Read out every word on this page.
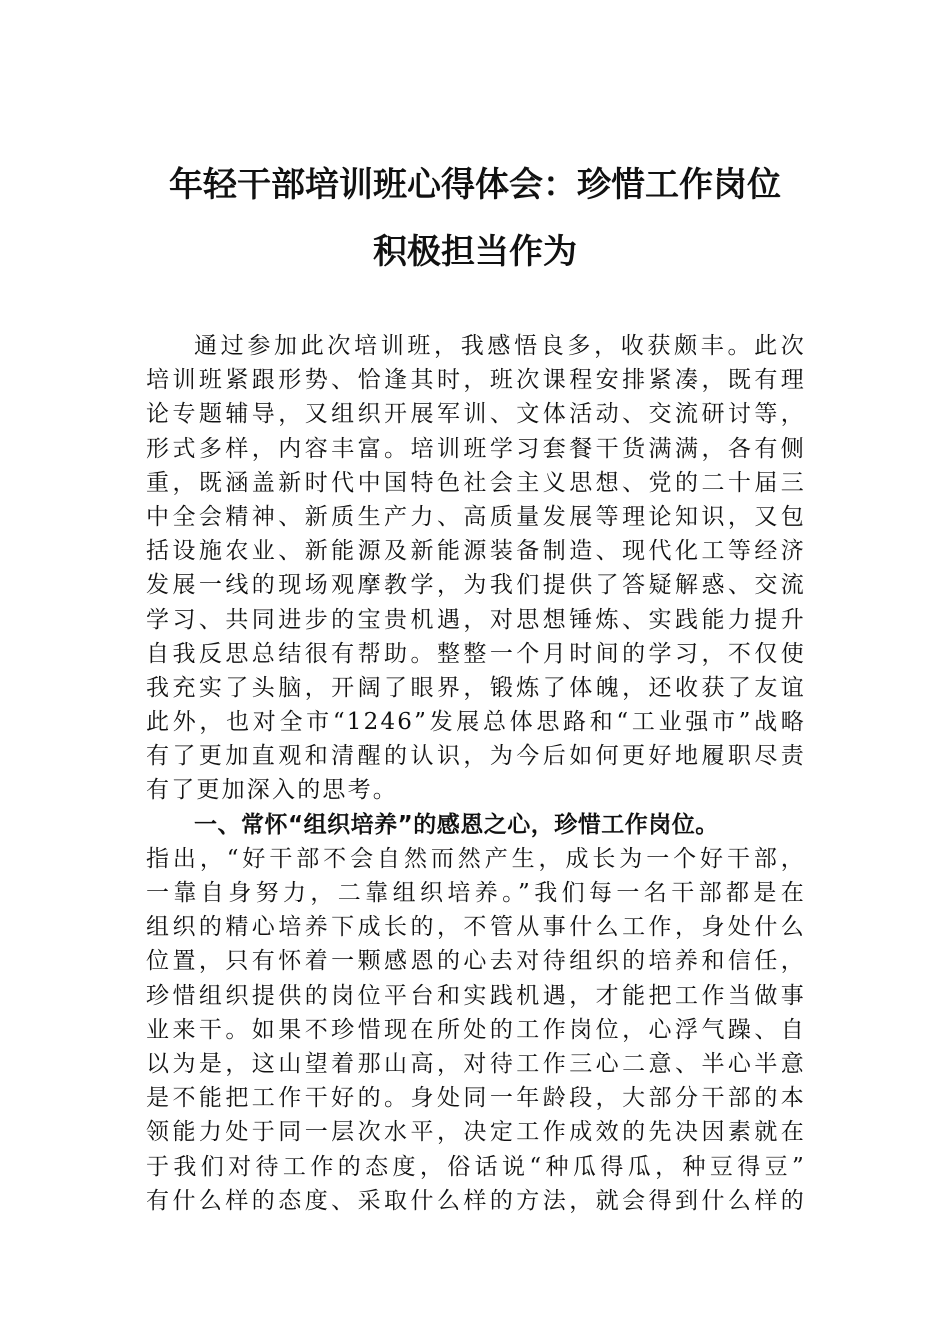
年轻干部培训班心得体会：珍惜工作岗位
积极担当作为
通过参加此次培训班，我感悟良多，收获颇丰。此次
培训班紧跟形势、恰逢其时，班次课程安排紧凑，既有理
论专题辅导，又组织开展军训、文体活动、交流研讨等，
形式多样，内容丰富。培训班学习套餐干货满满，各有侧
重，既涵盖新时代中国特色社会主义思想、党的二十届三
中全会精神、新质生产力、高质量发展等理论知识，又包
括设施农业、新能源及新能源装备制造、现代化工等经济
发展一线的现场观摩教学，为我们提供了答疑解惑、交流
学习、共同进步的宝贵机遇，对思想锤炼、实践能力提升
自我反思总结很有帮助。整整一个月时间的学习，不仅使
我充实了头脑，开阔了眼界，锻炼了体魄，还收获了友谊
此外，也对全市“1246”发展总体思路和“工业强市”战略
有了更加直观和清醒的认识，为今后如何更好地履职尽责
有了更加深入的思考。
一、常怀“组织培养”的感恩之心，珍惜工作岗位。
指出，“好干部不会自然而然产生，成长为一个好干部，
一靠自身努力，二靠组织培养。”我们每一名干部都是在
组织的精心培养下成长的，不管从事什么工作，身处什么
位置，只有怀着一颗感恩的心去对待组织的培养和信任，
珍惜组织提供的岗位平台和实践机遇，才能把工作当做事
业来干。如果不珍惜现在所处的工作岗位，心浮气躁、自
以为是，这山望着那山高，对待工作三心二意、半心半意
是不能把工作干好的。身处同一年龄段，大部分干部的本
领能力处于同一层次水平，决定工作成效的先决因素就在
于我们对待工作的态度，俗话说“种瓜得瓜，种豆得豆”
有什么样的态度、采取什么样的方法，就会得到什么样的
